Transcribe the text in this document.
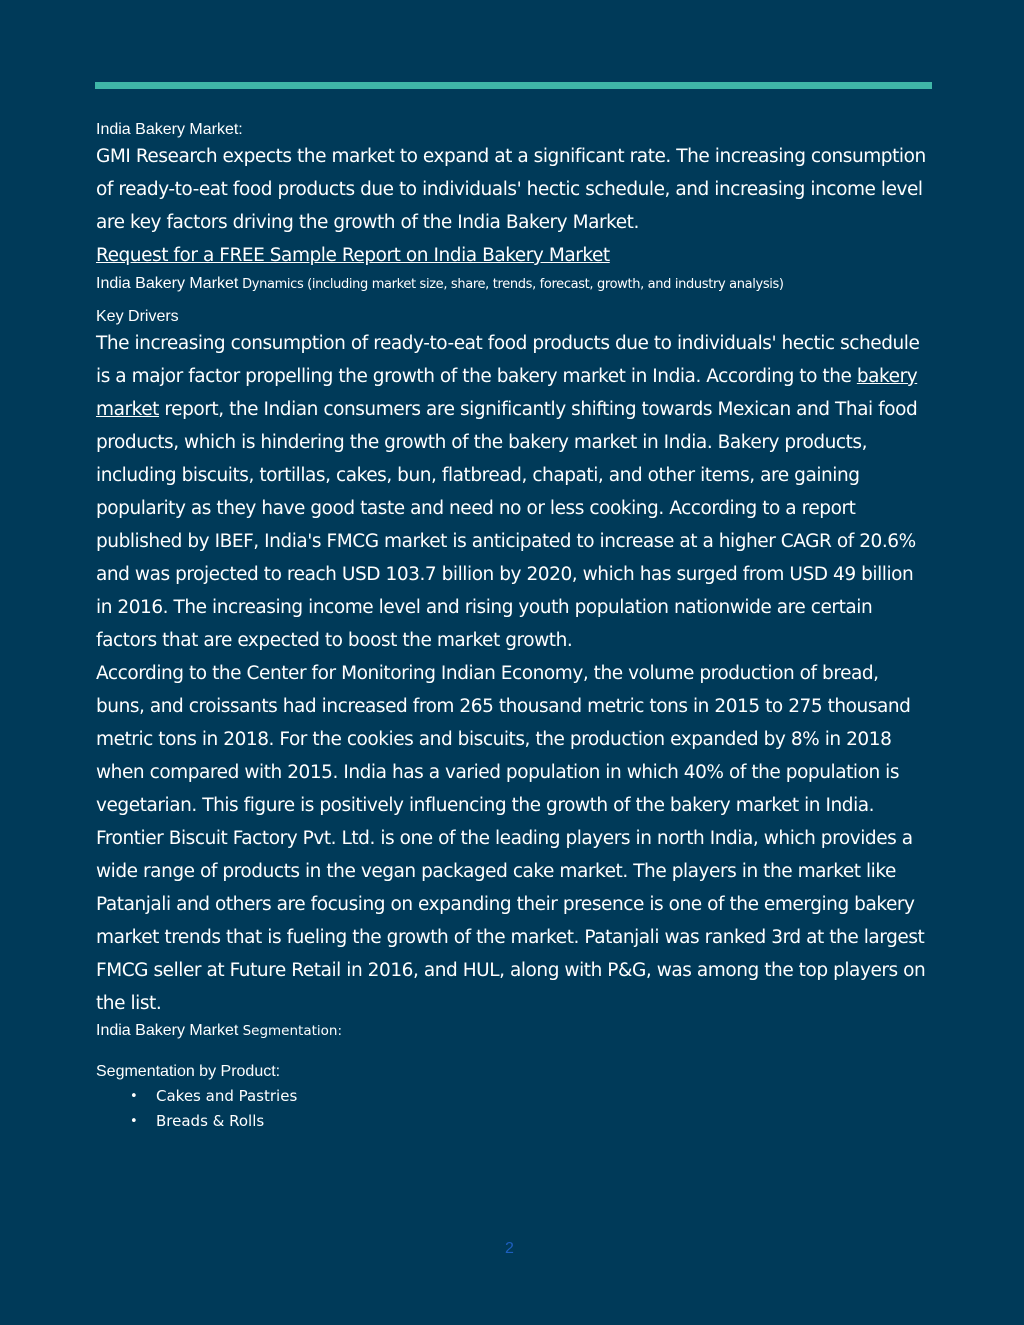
India Bakery Market:

GMI Research expects the market to expand at a significant rate. The increasing consumption of ready-to-eat food products due to individuals' hectic schedule, and increasing income level are key factors driving the growth of the India Bakery Market.

Request for a FREE Sample Report on India Bakery Market

India Bakery Market Dynamics (including market size, share, trends, forecast, growth, and industry analysis)

Key Drivers

The increasing consumption of ready-to-eat food products due to individuals' hectic schedule is a major factor propelling the growth of the bakery market in India. According to the bakery market report, the Indian consumers are significantly shifting towards Mexican and Thai food products, which is hindering the growth of the bakery market in India. Bakery products, including biscuits, tortillas, cakes, bun, flatbread, chapati, and other items, are gaining popularity as they have good taste and need no or less cooking. According to a report published by IBEF, India's FMCG market is anticipated to increase at a higher CAGR of 20.6% and was projected to reach USD 103.7 billion by 2020, which has surged from USD 49 billion in 2016. The increasing income level and rising youth population nationwide are certain factors that are expected to boost the market growth.

According to the Center for Monitoring Indian Economy, the volume production of bread, buns, and croissants had increased from 265 thousand metric tons in 2015 to 275 thousand metric tons in 2018. For the cookies and biscuits, the production expanded by 8% in 2018 when compared with 2015. India has a varied population in which 40% of the population is vegetarian. This figure is positively influencing the growth of the bakery market in India. Frontier Biscuit Factory Pvt. Ltd. is one of the leading players in north India, which provides a wide range of products in the vegan packaged cake market. The players in the market like Patanjali and others are focusing on expanding their presence is one of the emerging bakery market trends that is fueling the growth of the market. Patanjali was ranked 3rd at the largest FMCG seller at Future Retail in 2016, and HUL, along with P&G, was among the top players on the list.

India Bakery Market Segmentation:

Segmentation by Product:

• Cakes and Pastries
• Breads & Rolls
2
